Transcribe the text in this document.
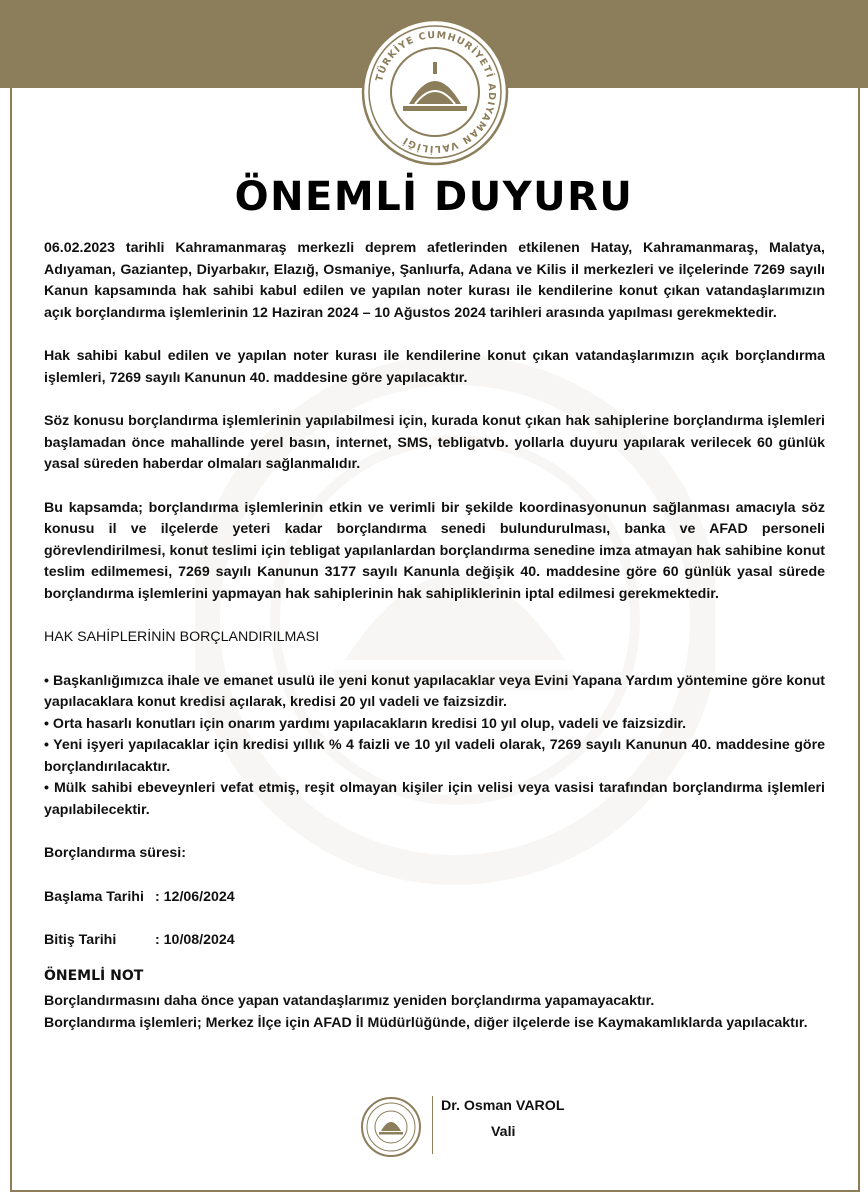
TÜRKİYE CUMHURİYETİ ADIYAMAN VALİLİĞİ
ÖNEMLİ DUYURU

06.02.2023 tarihli Kahramanmaraş merkezli deprem afetlerinden etkilenen Hatay, Kahramanmaraş, Malatya, Adıyaman, Gaziantep, Diyarbakır, Elazığ, Osmaniye, Şanlıurfa, Adana ve Kilis il merkezleri ve ilçelerinde 7269 sayılı Kanun kapsamında hak sahibi kabul edilen ve yapılan noter kurası ile kendilerine konut çıkan vatandaşlarımızın açık borçlandırma işlemlerinin 12 Haziran 2024 – 10 Ağustos 2024 tarihleri arasında yapılması gerekmektedir.

Hak sahibi kabul edilen ve yapılan noter kurası ile kendilerine konut çıkan vatandaşlarımızın açık borçlandırma işlemleri, 7269 sayılı Kanunun 40. maddesine göre yapılacaktır.

Söz konusu borçlandırma işlemlerinin yapılabilmesi için, kurada konut çıkan hak sahiplerine borçlandırma işlemleri başlamadan önce mahallinde yerel basın, internet, SMS, tebligatvb. yollarla duyuru yapılarak verilecek 60 günlük yasal süreden haberdar olmaları sağlanmalıdır.

Bu kapsamda; borçlandırma işlemlerinin etkin ve verimli bir şekilde koordinasyonunun sağlanması amacıyla söz konusu il ve ilçelerde yeteri kadar borçlandırma senedi bulundurulması, banka ve AFAD personeli görevlendirilmesi, konut teslimi için tebligat yapılanlardan borçlandırma senedine imza atmayan hak sahibine konut teslim edilmemesi, 7269 sayılı Kanunun 3177 sayılı Kanunla değişik 40. maddesine göre 60 günlük yasal sürede borçlandırma işlemlerini yapmayan hak sahiplerinin hak sahipliklerinin iptal edilmesi gerekmektedir.

HAK SAHİPLERİNİN BORÇLANDIRILMASI

• Başkanlığımızca ihale ve emanet usulü ile yeni konut yapılacaklar veya Evini Yapana Yardım yöntemine göre konut yapılacaklara konut kredisi açılarak, kredisi 20 yıl vadeli ve faizsizdir.

• Orta hasarlı konutları için onarım yardımı yapılacakların kredisi 10 yıl olup, vadeli ve faizsizdir.

• Yeni işyeri yapılacaklar için kredisi yıllık % 4 faizli ve 10 yıl vadeli olarak, 7269 sayılı Kanunun 40. maddesine göre borçlandırılacaktır.

• Mülk sahibi ebeveynleri vefat etmiş, reşit olmayan kişiler için velisi veya vasisi tarafından borçlandırma işlemleri yapılabilecektir.

Borçlandırma süresi:

Başlama Tarihi : 12/06/2024

Bitiş Tarihi	: 10/08/2024

ÖNEMLİ NOT

Borçlandırmasını daha önce yapan vatandaşlarımız yeniden borçlandırma yapamayacaktır.

Borçlandırma işlemleri; Merkez İlçe için AFAD İl Müdürlüğünde, diğer ilçelerde ise Kaymakamlıklarda yapılacaktır.

Dr. Osman VAROL
Vali
